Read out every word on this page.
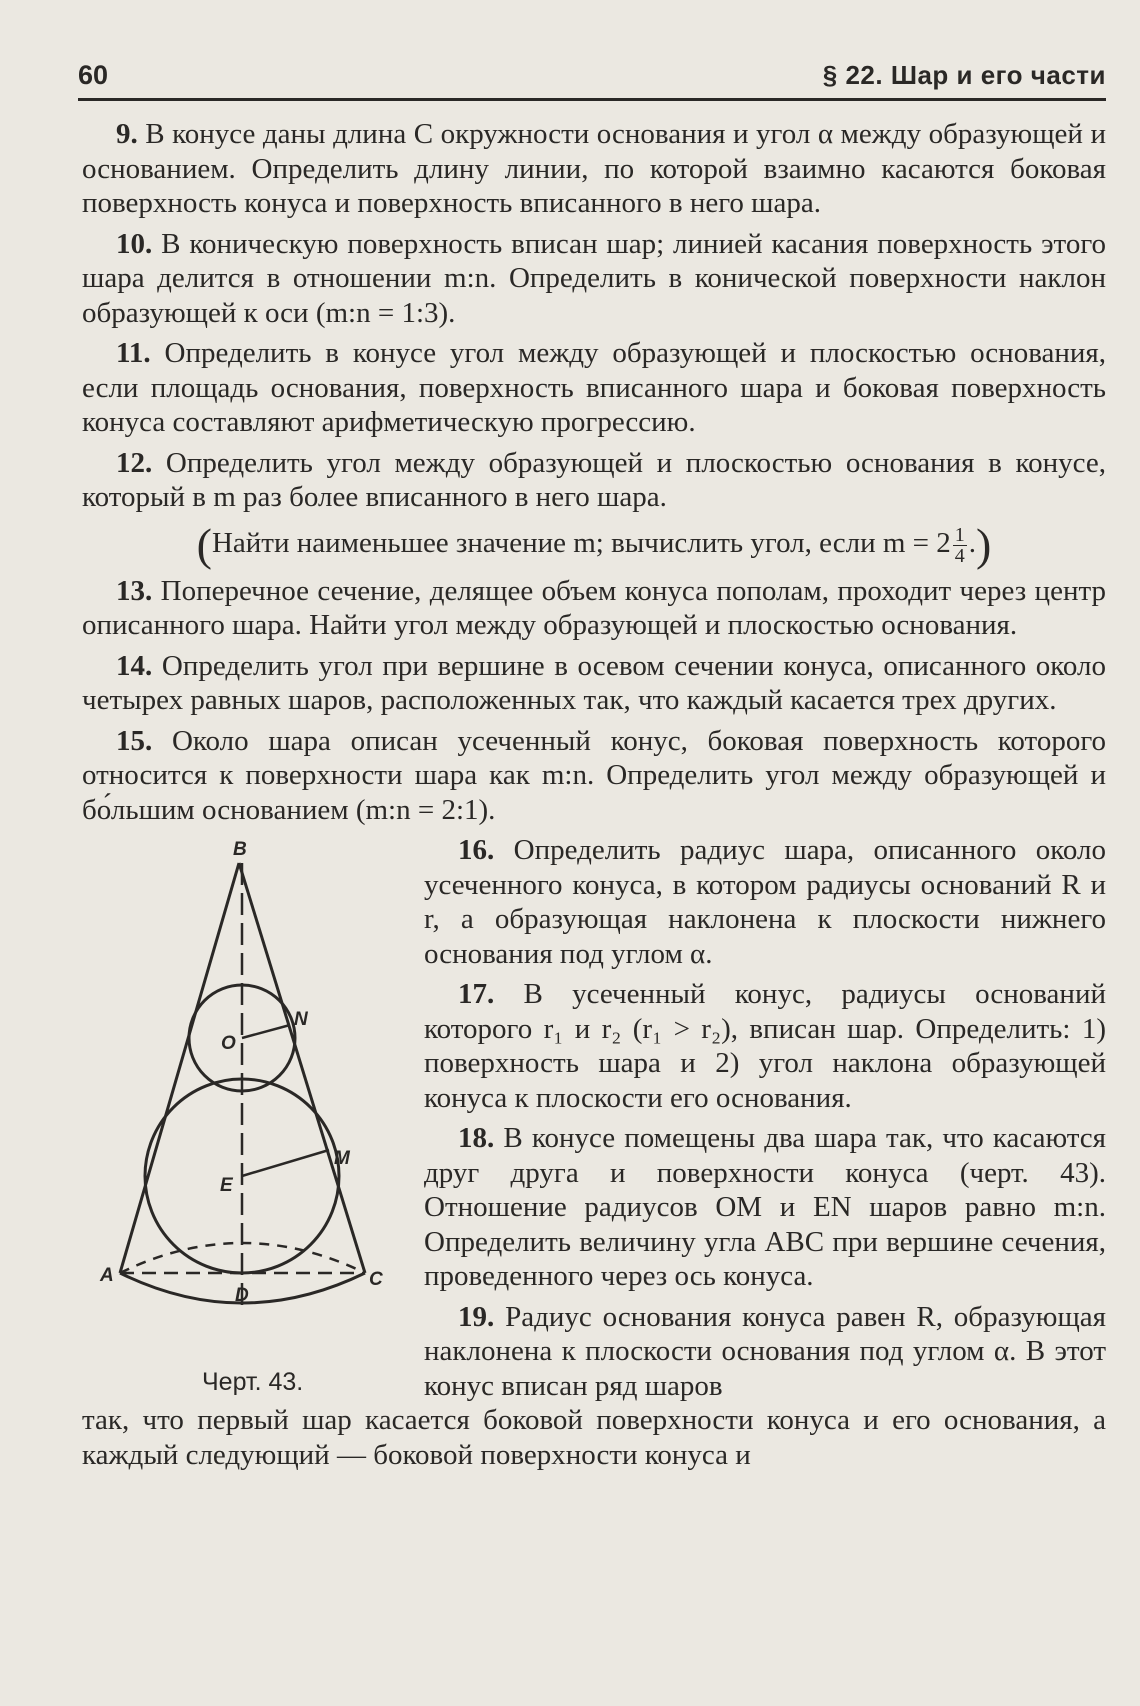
60	§ 22. Шар и его части

9. В конусе даны длина C окружности основания и угол α между образующей и основанием. Определить длину линии, по которой взаимно касаются боковая поверхность конуса и поверхность вписанного в него шара.

10. В коническую поверхность вписан шар; линией касания поверхность этого шара делится в отношении m:n. Определить в конической поверхности наклон образующей к оси (m:n = 1:3).

11. Определить в конусе угол между образующей и плоскостью основания, если площадь основания, поверхность вписанного шара и боковая поверхность конуса составляют арифметическую прогрессию.

12. Определить угол между образующей и плоскостью основания в конусе, который в m раз более вписанного в него шара.

(Найти наименьшее значение m; вычислить угол, если $m = 2 \frac{1}{4}$ .)

13. Поперечное сечение, делящее объем конуса пополам, проходит через центр описанного шара. Найти угол между образующей и плоскостью основания.

14. Определить угол при вершине в осевом сечении конуса, описанного около четырех равных шаров, расположенных так, что каждый касается трех других.

15. Около шара описан усеченный конус, боковая поверхность которого относится к поверхности шара как m:n. Определить угол между образующей и бо́льшим основанием (m:n = 2:1).

B
N
O
M
E
A
D
C
Черт. 43.

16. Определить радиус шара, описанного около усеченного конуса, в котором радиусы оснований R и r, а образующая наклонена к плоскости нижнего основания под углом α.

17. В усеченный конус, радиусы оснований которого r₁ и r₂ (r₁ > r₂), вписан шар. Определить: 1) поверхность шара и 2) угол наклона образующей конуса к плоскости его основания.

18. В конусе помещены два шара так, что касаются друг друга и поверхности конуса (черт. 43). Отношение радиусов OM и EN шаров равно m:n. Определить величину угла ABC при вершине сечения, проведенного через ось конуса.

19. Радиус основания конуса равен R, образующая наклонена к плоскости основания под углом α. В этот конус вписан ряд шаров

так, что первый шар касается боковой поверхности конуса и его основания, а каждый следующий — боковой поверхности конуса и
